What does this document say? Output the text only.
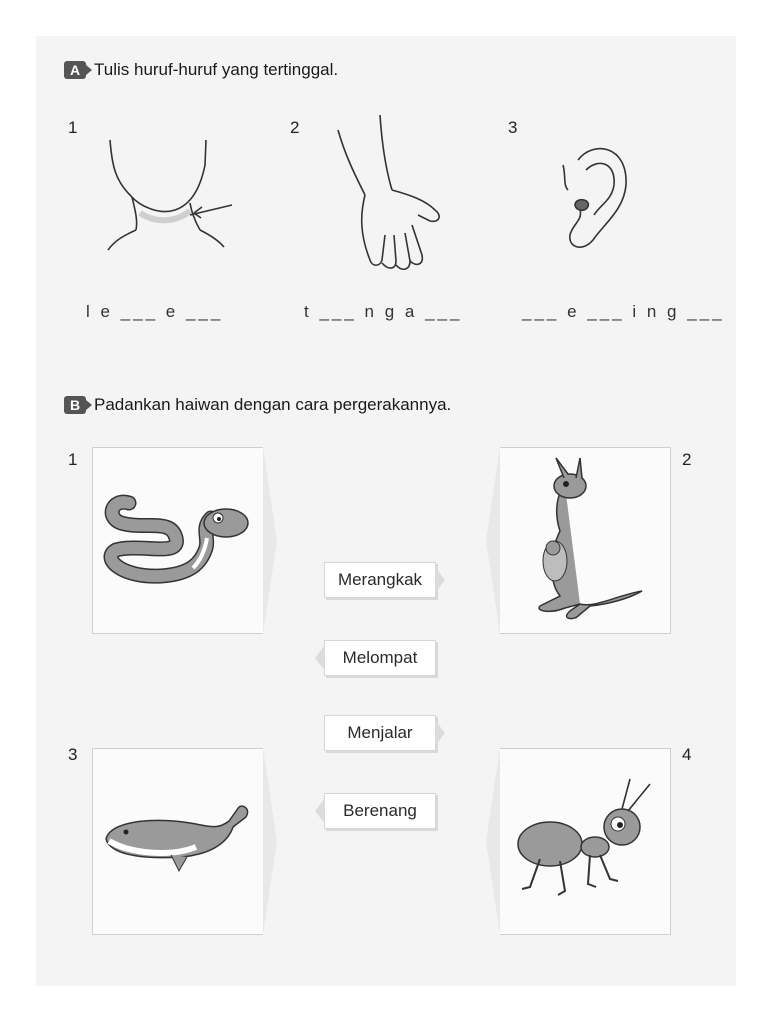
A Tulis huruf-huruf yang tertinggal.
1	2	3
l e ___ e ___	t ___ n g a ___	___ e ___ i n g ___
B Padankan haiwan dengan cara pergerakannya.
1	2
3	4
Merangkak
Melompat
Menjalar
Berenang
